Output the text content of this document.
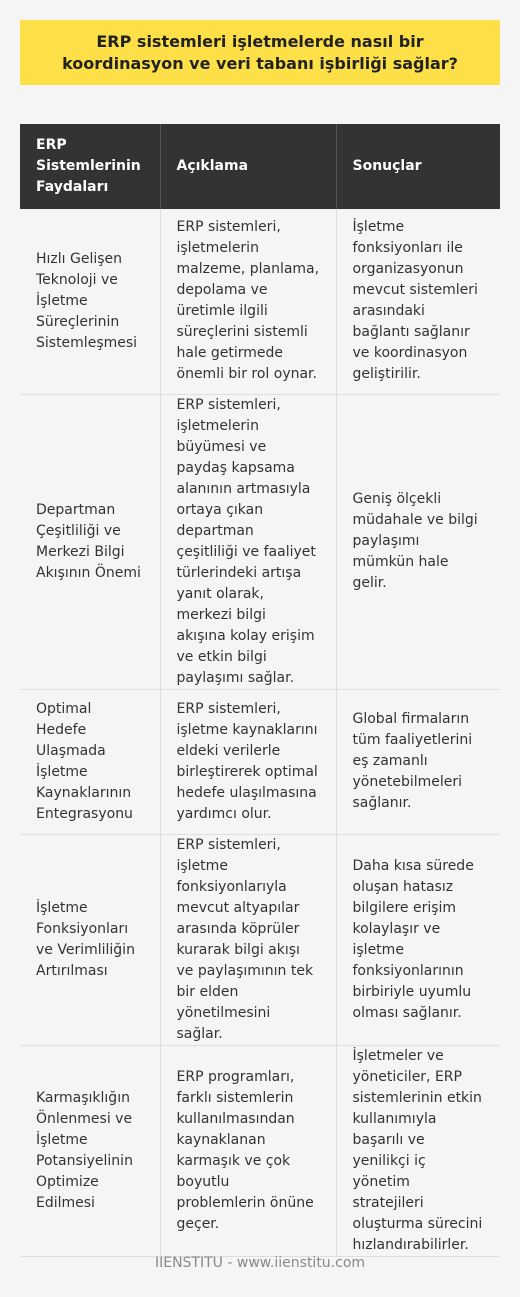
ERP sistemleri işletmelerde nasıl bir koordinasyon ve veri tabanı işbirliği sağlar?
ERP Sistemlerinin Faydaları	Açıklama	Sonuçlar
Hızlı Gelişen Teknoloji ve İşletme Süreçlerinin Sistemleşmesi	ERP sistemleri, işletmelerin malzeme, planlama, depolama ve üretimle ilgili süreçlerini sistemli hale getirmede önemli bir rol oynar.	İşletme fonksiyonları ile organizasyonun mevcut sistemleri arasındaki bağlantı sağlanır ve koordinasyon geliştirilir.
Departman Çeşitliliği ve Merkezi Bilgi Akışının Önemi	ERP sistemleri, işletmelerin büyümesi ve paydaş kapsama alanının artmasıyla ortaya çıkan departman çeşitliliği ve faaliyet türlerindeki artışa yanıt olarak, merkezi bilgi akışına kolay erişim ve etkin bilgi paylaşımı sağlar.	Geniş ölçekli müdahale ve bilgi paylaşımı mümkün hale gelir.
Optimal Hedefe Ulaşmada İşletme Kaynaklarının Entegrasyonu	ERP sistemleri, işletme kaynaklarını eldeki verilerle birleştirerek optimal hedefe ulaşılmasına yardımcı olur.	Global firmaların tüm faaliyetlerini eş zamanlı yönetebilmeleri sağlanır.
İşletme Fonksiyonları ve Verimliliğin Artırılması	ERP sistemleri, işletme fonksiyonlarıyla mevcut altyapılar arasında köprüler kurarak bilgi akışı ve paylaşımının tek bir elden yönetilmesini sağlar.	Daha kısa sürede oluşan hatasız bilgilere erişim kolaylaşır ve işletme fonksiyonlarının birbiriyle uyumlu olması sağlanır.
Karmaşıklığın Önlenmesi ve İşletme Potansiyelinin Optimize Edilmesi	ERP programları, farklı sistemlerin kullanılmasından kaynaklanan karmaşık ve çok boyutlu problemlerin önüne geçer.	İşletmeler ve yöneticiler, ERP sistemlerinin etkin kullanımıyla başarılı ve yenilikçi iç yönetim stratejileri oluşturma sürecini hızlandırabilirler.
IIENSTITU - www.iienstitu.com
